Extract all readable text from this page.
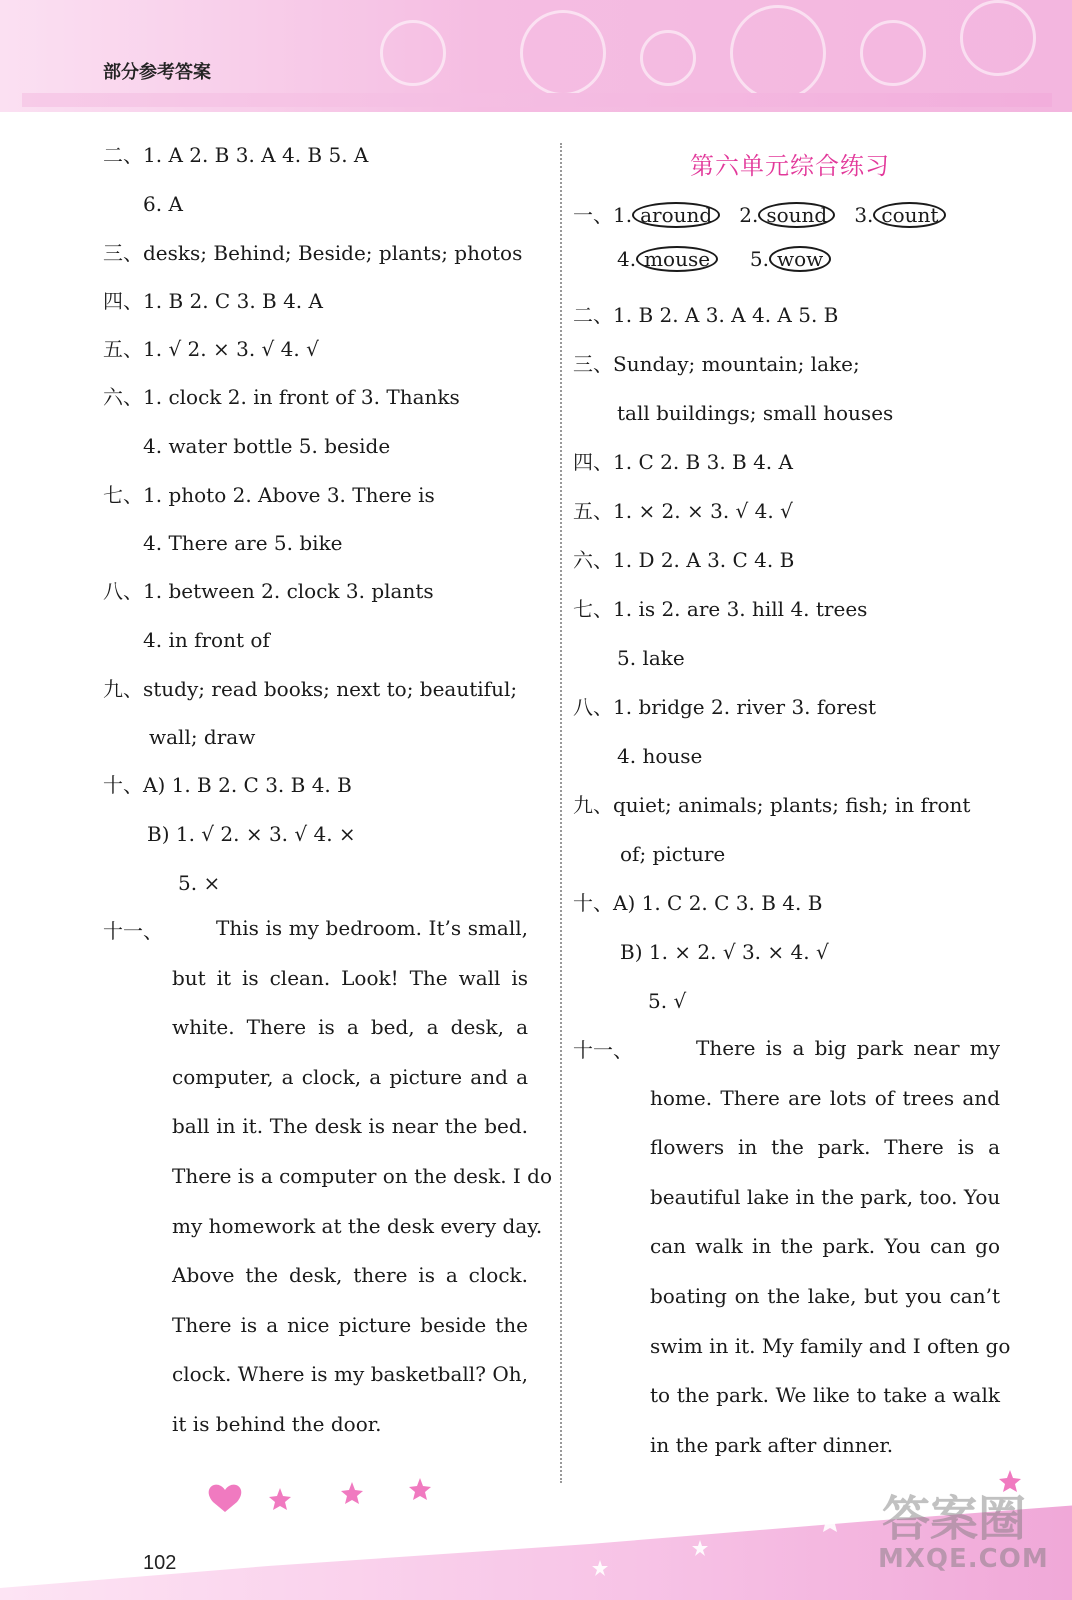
部分参考答案
二、1. A 2. B 3. A 4. B 5. A
6. A
三、desks; Behind; Beside; plants; photos
四、1. B 2. C 3. B 4. A
五、1. √ 2. × 3. √ 4. √
六、1. clock 2. in front of 3. Thanks
4. water bottle 5. beside
七、1. photo 2. Above 3. There is
4. There are 5. bike
八、1. between 2. clock 3. plants
4. in front of
九、study; read books; next to; beautiful;
wall; draw
十、A) 1. B 2. C 3. B 4. B
B) 1. √ 2. × 3. √ 4. ×
5. ×
十一、	This is my bedroom. It’s small,
but it is clean. Look! The wall is
white. There is a bed, a desk, a
computer, a clock, a picture and a
ball in it. The desk is near the bed.
There is a computer on the desk. I do
my homework at the desk every day.
Above the desk, there is a clock.
There is a nice picture beside the
clock. Where is my basketball? Oh,
it is behind the door.
第六单元综合练习
一、1. around 2. sound 3. count
4. mouse 5. wow
二、1. B 2. A 3. A 4. A 5. B
三、Sunday; mountain; lake;
tall buildings; small houses
四、1. C 2. B 3. B 4. A
五、1. × 2. × 3. √ 4. √
六、1. D 2. A 3. C 4. B
七、1. is 2. are 3. hill 4. trees
5. lake
八、1. bridge 2. river 3. forest
4. house
九、quiet; animals; plants; fish; in front
of; picture
十、A) 1. C 2. C 3. B 4. B
B) 1. × 2. √ 3. × 4. √
5. √
十一、	There is a big park near my
home. There are lots of trees and
flowers in the park. There is a
beautiful lake in the park, too. You
can walk in the park. You can go
boating on the lake, but you can’t
swim in it. My family and I often go
to the park. We like to take a walk
in the park after dinner.
102
答案圈
MXQE.COM
